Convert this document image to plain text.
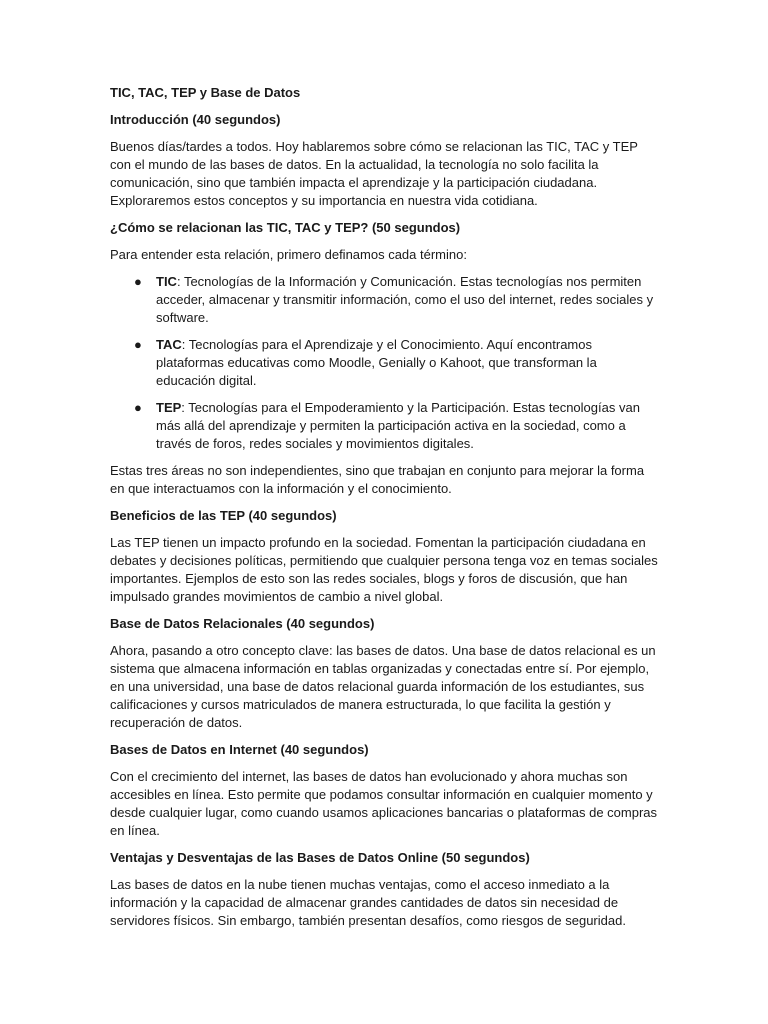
TIC, TAC, TEP y Base de Datos
Introducción (40 segundos)
Buenos días/tardes a todos. Hoy hablaremos sobre cómo se relacionan las TIC, TAC y TEP con el mundo de las bases de datos. En la actualidad, la tecnología no solo facilita la comunicación, sino que también impacta el aprendizaje y la participación ciudadana. Exploraremos estos conceptos y su importancia en nuestra vida cotidiana.
¿Cómo se relacionan las TIC, TAC y TEP? (50 segundos)
Para entender esta relación, primero definamos cada término:
● TIC: Tecnologías de la Información y Comunicación. Estas tecnologías nos permiten acceder, almacenar y transmitir información, como el uso del internet, redes sociales y software.
● TAC: Tecnologías para el Aprendizaje y el Conocimiento. Aquí encontramos plataformas educativas como Moodle, Genially o Kahoot, que transforman la educación digital.
● TEP: Tecnologías para el Empoderamiento y la Participación. Estas tecnologías van más allá del aprendizaje y permiten la participación activa en la sociedad, como a través de foros, redes sociales y movimientos digitales.
Estas tres áreas no son independientes, sino que trabajan en conjunto para mejorar la forma en que interactuamos con la información y el conocimiento.
Beneficios de las TEP (40 segundos)
Las TEP tienen un impacto profundo en la sociedad. Fomentan la participación ciudadana en debates y decisiones políticas, permitiendo que cualquier persona tenga voz en temas sociales importantes. Ejemplos de esto son las redes sociales, blogs y foros de discusión, que han impulsado grandes movimientos de cambio a nivel global.
Base de Datos Relacionales (40 segundos)
Ahora, pasando a otro concepto clave: las bases de datos. Una base de datos relacional es un sistema que almacena información en tablas organizadas y conectadas entre sí. Por ejemplo, en una universidad, una base de datos relacional guarda información de los estudiantes, sus calificaciones y cursos matriculados de manera estructurada, lo que facilita la gestión y recuperación de datos.
Bases de Datos en Internet (40 segundos)
Con el crecimiento del internet, las bases de datos han evolucionado y ahora muchas son accesibles en línea. Esto permite que podamos consultar información en cualquier momento y desde cualquier lugar, como cuando usamos aplicaciones bancarias o plataformas de compras en línea.
Ventajas y Desventajas de las Bases de Datos Online (50 segundos)
Las bases de datos en la nube tienen muchas ventajas, como el acceso inmediato a la información y la capacidad de almacenar grandes cantidades de datos sin necesidad de servidores físicos. Sin embargo, también presentan desafíos, como riesgos de seguridad.
